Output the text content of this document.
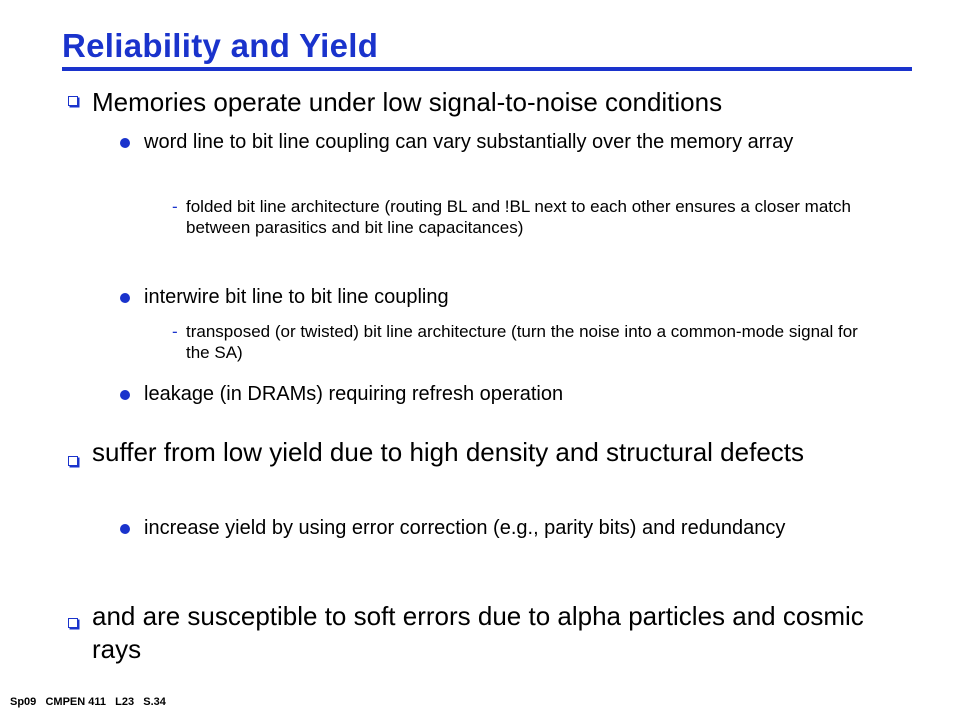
Reliability and Yield
Memories operate under low signal-to-noise conditions
word line to bit line coupling can vary substantially over the memory array
- folded bit line architecture (routing BL and !BL next to each other ensures a closer match between parasitics and bit line capacitances)
interwire bit line to bit line coupling
- transposed (or twisted) bit line architecture (turn the noise into a common-mode signal for the SA)
leakage (in DRAMs) requiring refresh operation
suffer from low yield due to high density and structural defects
increase yield by using error correction (e.g., parity bits) and redundancy
and are susceptible to soft errors due to alpha particles and cosmic rays
Sp09   CMPEN 411   L23   S.34
